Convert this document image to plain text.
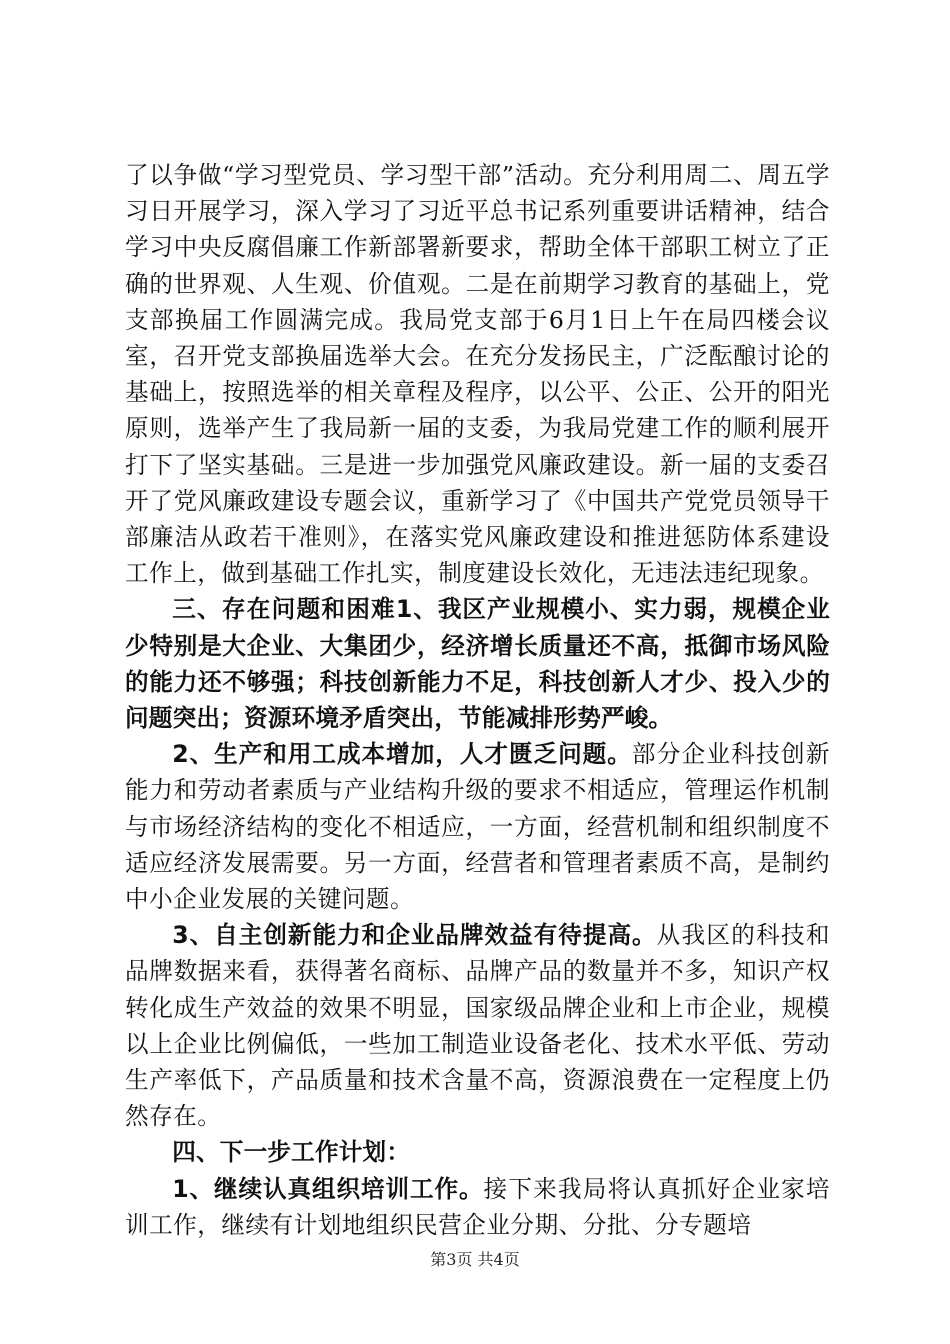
了以争做“学习型党员、学习型干部”活动。充分利用周二、周五学习日开展学习，深入学习了习近平总书记系列重要讲话精神，结合学习中央反腐倡廉工作新部署新要求，帮助全体干部职工树立了正确的世界观、人生观、价值观。二是在前期学习教育的基础上，党支部换届工作圆满完成。我局党支部于6月1日上午在局四楼会议室，召开党支部换届选举大会。在充分发扬民主，广泛酝酿讨论的基础上，按照选举的相关章程及程序，以公平、公正、公开的阳光原则，选举产生了我局新一届的支委，为我局党建工作的顺利展开打下了坚实基础。三是进一步加强党风廉政建设。新一届的支委召开了党风廉政建设专题会议，重新学习了《中国共产党党员领导干部廉洁从政若干准则》，在落实党风廉政建设和推进惩防体系建设工作上，做到基础工作扎实，制度建设长效化，无违法违纪现象。

三、存在问题和困难1、我区产业规模小、实力弱，规模企业少特别是大企业、大集团少，经济增长质量还不高，抵御市场风险的能力还不够强；科技创新能力不足，科技创新人才少、投入少的问题突出；资源环境矛盾突出，节能减排形势严峻。

2、生产和用工成本增加，人才匮乏问题。部分企业科技创新能力和劳动者素质与产业结构升级的要求不相适应，管理运作机制与市场经济结构的变化不相适应，一方面，经营机制和组织制度不适应经济发展需要。另一方面，经营者和管理者素质不高，是制约中小企业发展的关键问题。

3、自主创新能力和企业品牌效益有待提高。从我区的科技和品牌数据来看，获得著名商标、品牌产品的数量并不多，知识产权转化成生产效益的效果不明显，国家级品牌企业和上市企业，规模以上企业比例偏低，一些加工制造业设备老化、技术水平低、劳动生产率低下，产品质量和技术含量不高，资源浪费在一定程度上仍然存在。

四、下一步工作计划：

1、继续认真组织培训工作。接下来我局将认真抓好企业家培训工作，继续有计划地组织民营企业分期、分批、分专题培

第3页 共4页
